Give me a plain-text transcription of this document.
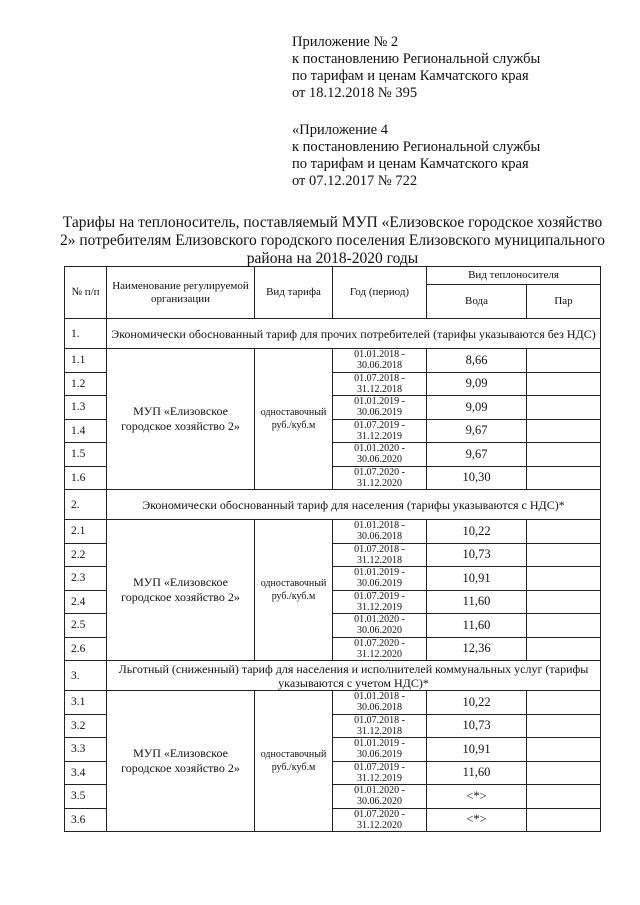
Приложение № 2
к постановлению Региональной службы
по тарифам и ценам Камчатского края
от 18.12.2018 № 395
«Приложение 4
к постановлению Региональной службы
по тарифам и ценам Камчатского края
от 07.12.2017 № 722
Тарифы на теплоноситель, поставляемый МУП «Елизовское городское хозяйство 2» потребителям Елизовского городского поселения Елизовского муниципального района на 2018-2020 годы
№ п/п	Наименование регулируемой организации	Вид тарифа	Год (период)	Вид теплоносителя	
				Вода	Пар
1.	Экономически обоснованный тариф для прочих потребителей (тарифы указываются без НДС)				
1.1	МУП «Елизовское городское хозяйство 2»	одноставочный руб./куб.м	01.01.2018 - 30.06.2018	8,66	
1.2			01.07.2018 - 31.12.2018	9,09	
1.3			01.01.2019 - 30.06.2019	9,09	
1.4			01.07.2019 - 31.12.2019	9,67	
1.5			01.01.2020 - 30.06.2020	9,67	
1.6			01.07.2020 - 31.12.2020	10,30	
2.	Экономически обоснованный тариф для населения (тарифы указываются с НДС)*				
2.1	МУП «Елизовское городское хозяйство 2»	одноставочный руб./куб.м	01.01.2018 - 30.06.2018	10,22	
2.2			01.07.2018 - 31.12.2018	10,73	
2.3			01.01.2019 - 30.06.2019	10,91	
2.4			01.07.2019 - 31.12.2019	11,60	
2.5			01.01.2020 - 30.06.2020	11,60	
2.6			01.07.2020 - 31.12.2020	12,36	
3.	Льготный (сниженный) тариф для населения и исполнителей коммунальных услуг (тарифы указываются с учетом НДС)*				
3.1	МУП «Елизовское городское хозяйство 2»	одноставочный руб./куб.м	01.01.2018 - 30.06.2018	10,22	
3.2			01.07.2018 - 31.12.2018	10,73	
3.3			01.01.2019 - 30.06.2019	10,91	
3.4			01.07.2019 - 31.12.2019	11,60	
3.5			01.01.2020 - 30.06.2020	<*>	
3.6			01.07.2020 - 31.12.2020	<*>	
